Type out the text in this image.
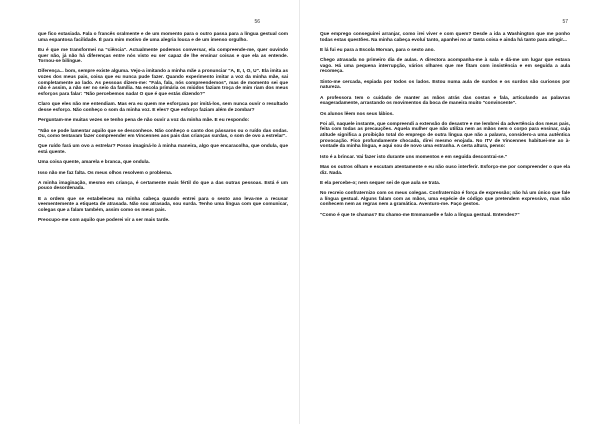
56

que fico extasiada. Fala o francês oralmente e de um momento para o outro passa para a língua gestual com uma espantosa facilidade. É para mim motivo de uma alegria louca e de um imenso orgulho.

Eu é que me transformei na "ciência". Actualmente podemos conversar, ela compreende-me, quer ouvindo quer não, já não há diferenças entre nós visto eu ser capaz de lhe ensinar coisas e que ela as entende. Tornou-se bilíngue.

Diferença... bom, sempre existe alguma. Vejo-a imitando a minha mãe a pronunciar "A, E, I, O, U". Ela imita as vozes dos meus pais, coisa que eu nunca pude fazer. Quando experimento imitar a voz da minha mãe, sai completamente ao lado. As pessoas dizem-me: "Fala, fala, nós compreendemos", mas de momento sei que não é assim, a não ser no seio da família. Na escola primária os miúdos faziam troça de mim riam dos meus esforços para falar: "Não percebemos nada! O que é que estás dizendo?"

Claro que eles não me entendiam. Mas era eu quem me esforçava por imitá-los, sem nunca ouvir o resultado desse esforço. Não conheço o som da minha voz. E eles? Que esforço faziam além de zombar?

Perguntam-me muitas vezes se tenho pena de não ouvir a voz da minha mãe. E eu respondo:

"Não se pode lamentar aquilo que se desconhece. Não conheço o canto dos pássaros ou o ruído das ondas. Ou, como tentavam fazer compreender em Vincennes aos pais das crianças surdas, o som de ovo a estrelar".

Que ruído fará um ovo a estrelar? Posso imaginá-lo à minha maneira, algo que encaracolha, que ondula, que está quente.

Uma coisa quente, amarela e branca, que ondula.

Isso não me faz falta. Os meus olhos resolvem o problema.

A minha imaginação, mesmo em criança, é certamente mais fértil do que a das outras pessoas. Está é um pouco desordenada.

E a ordem que se estabeleceu na minha cabeça quando entrei para o sexto ano leva-me a recusar veementemente a etiqueta de atrasada. Não sou atrasada, sou surda. Tenho uma língua com que comunicar, colegas que a falam também, assim como os meus pais.

Preocupo-me com aquilo que poderei vir a ser mais tarde.

57

Que emprego conseguirei arranjar, como irei viver e com quem? Desde a ida a Washington que me ponho todas estas questões. Na minha cabeça evoluí tanto, apanhei no ar tanta coisa e ainda há tanto para atingir...

E lá fui eu para a Escola Morvan, para o sexto ano.

Chego atrasada no primeiro dia de aulas. A directora acompanha-me à sala e dá-me um lugar que estava vago. Há uma pequena interrupção, vários olhares que me fitam com insistência e em seguida a aula recomeça.

Sinto-me cercada, espiada por todos os lados. Estou numa aula de surdos e os surdos são curiosos por natureza.

A professora tem o cuidado de manter as mãos atrás das costas e fala, articulando as palavras exageradamente, arrastando os movimentos da boca de maneira muito "convincente".

Os alunos lêem nos seus lábios.

Foi ali, naquele instante, que compreendi a extensão do desastre e me lembrei da advertência dos meus pais, feita com todas as precauções. Aquela mulher que não utiliza nem as mãos nem o corpo para ensinar, cuja atitude significa a proibição total do emprego de outra língua que não a palavra, considero-a uma autêntica provocação. Fico profundamente chocada, direi mesmo enojada. No ITV de Vincennes habituei-me ao à-vontade da minha língua, e aqui sou de novo uma estranha. A certa altura, penso:

Isto é a brincar. Vai fazer isto durante uns momentos e em seguida descontrai-se."

Mas os outros olham e escutam atentamente e eu não ouso interferir. Esforço-me por compreender o que ela diz. Nada.

E ela percebe-o; nem sequer sei de que aula se trata.

No recreio confraternizo com os meus colegas. Confraternizo é força de expressão; não há um único que fale a língua gestual. Alguns falam com as mãos, uma espécie de código que pretendem expressivo, mas não conhecem nem as regras nem a gramática. Aventuro-me. Faço gestos.

"Como é que te chamas? Eu chamo-me Emmanuelle e falo a língua gestual. Entendes?"
